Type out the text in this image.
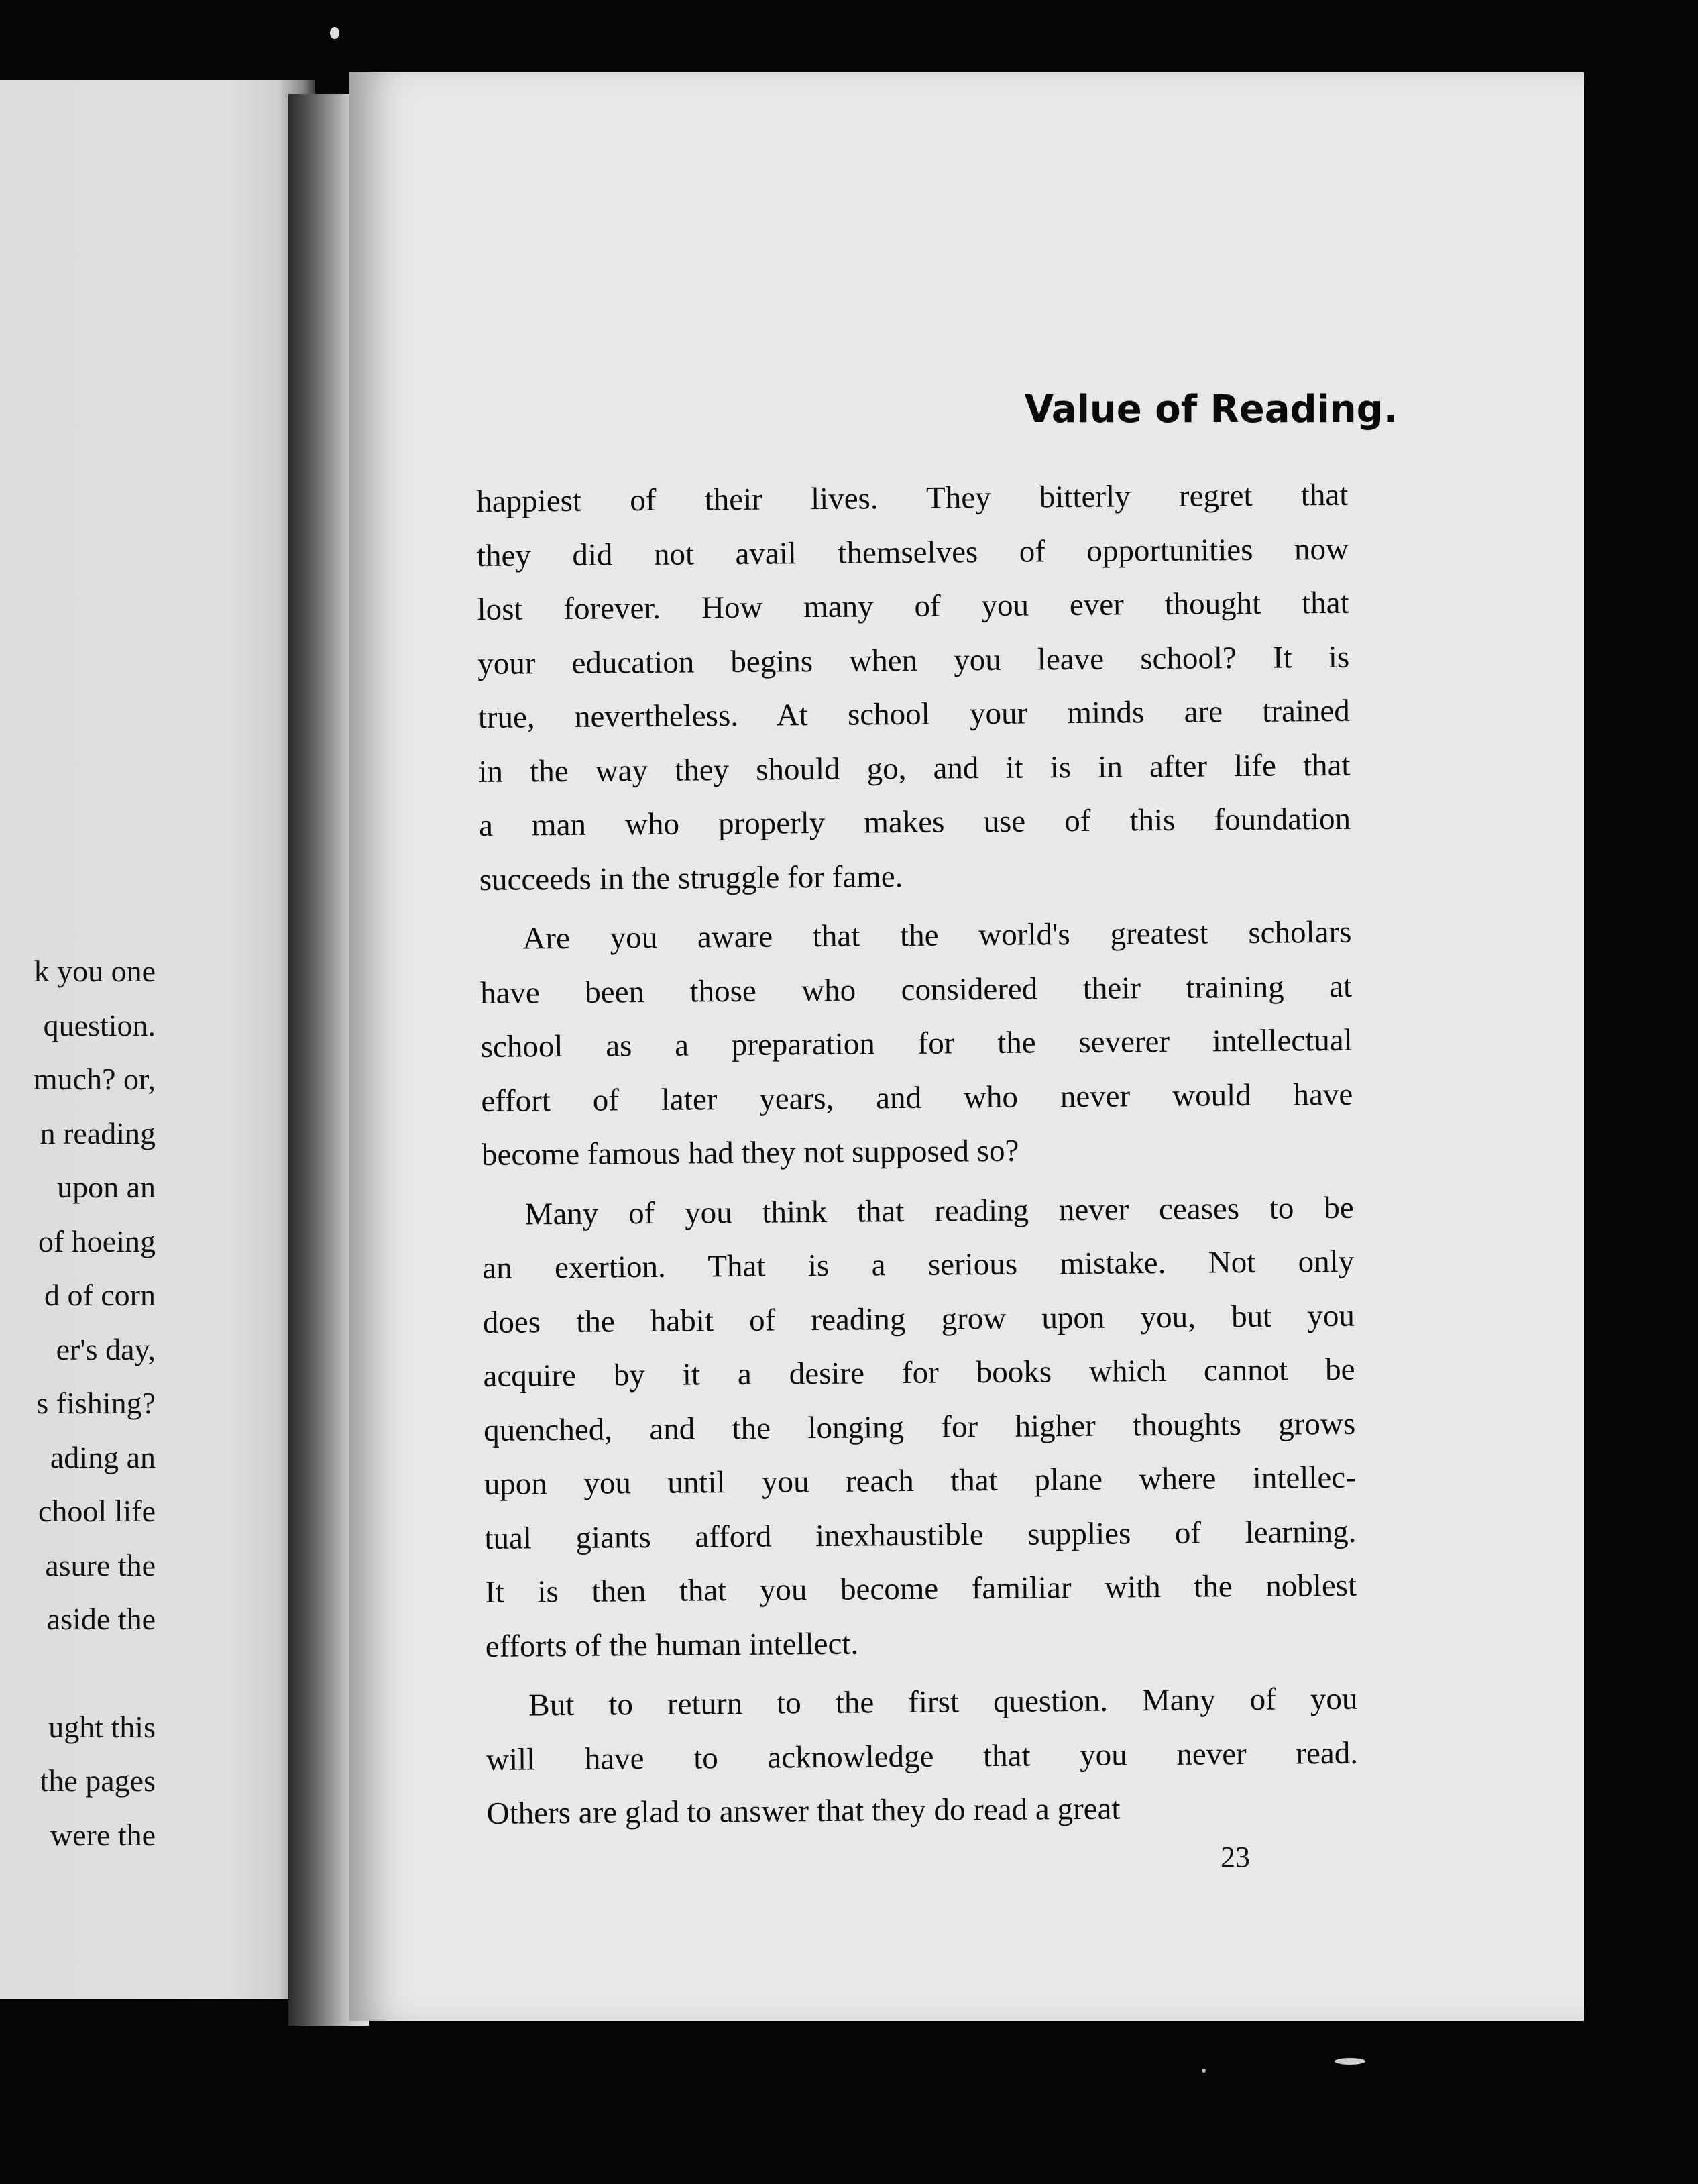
k you one
question.
much? or,
n reading
upon an
of hoeing
d of corn
er's day,
s fishing?
ading an
chool life
asure the
aside the
ught this
the pages
were the
Value of Reading.
happiest of their lives. They bitterly regret that
they did not avail themselves of opportunities now
lost forever. How many of you ever thought that
your education begins when you leave school? It is
true, nevertheless. At school your minds are trained
in the way they should go, and it is in after life that
a man who properly makes use of this foundation
succeeds in the struggle for fame.
Are you aware that the world's greatest scholars
have been those who considered their training at
school as a preparation for the severer intellectual
effort of later years, and who never would have
become famous had they not supposed so?
Many of you think that reading never ceases to be
an exertion. That is a serious mistake. Not only
does the habit of reading grow upon you, but you
acquire by it a desire for books which cannot be
quenched, and the longing for higher thoughts grows
upon you until you reach that plane where intellec-
tual giants afford inexhaustible supplies of learning.
It is then that you become familiar with the noblest
efforts of the human intellect.
But to return to the first question. Many of you
will have to acknowledge that you never read.
Others are glad to answer that they do read a great
23
